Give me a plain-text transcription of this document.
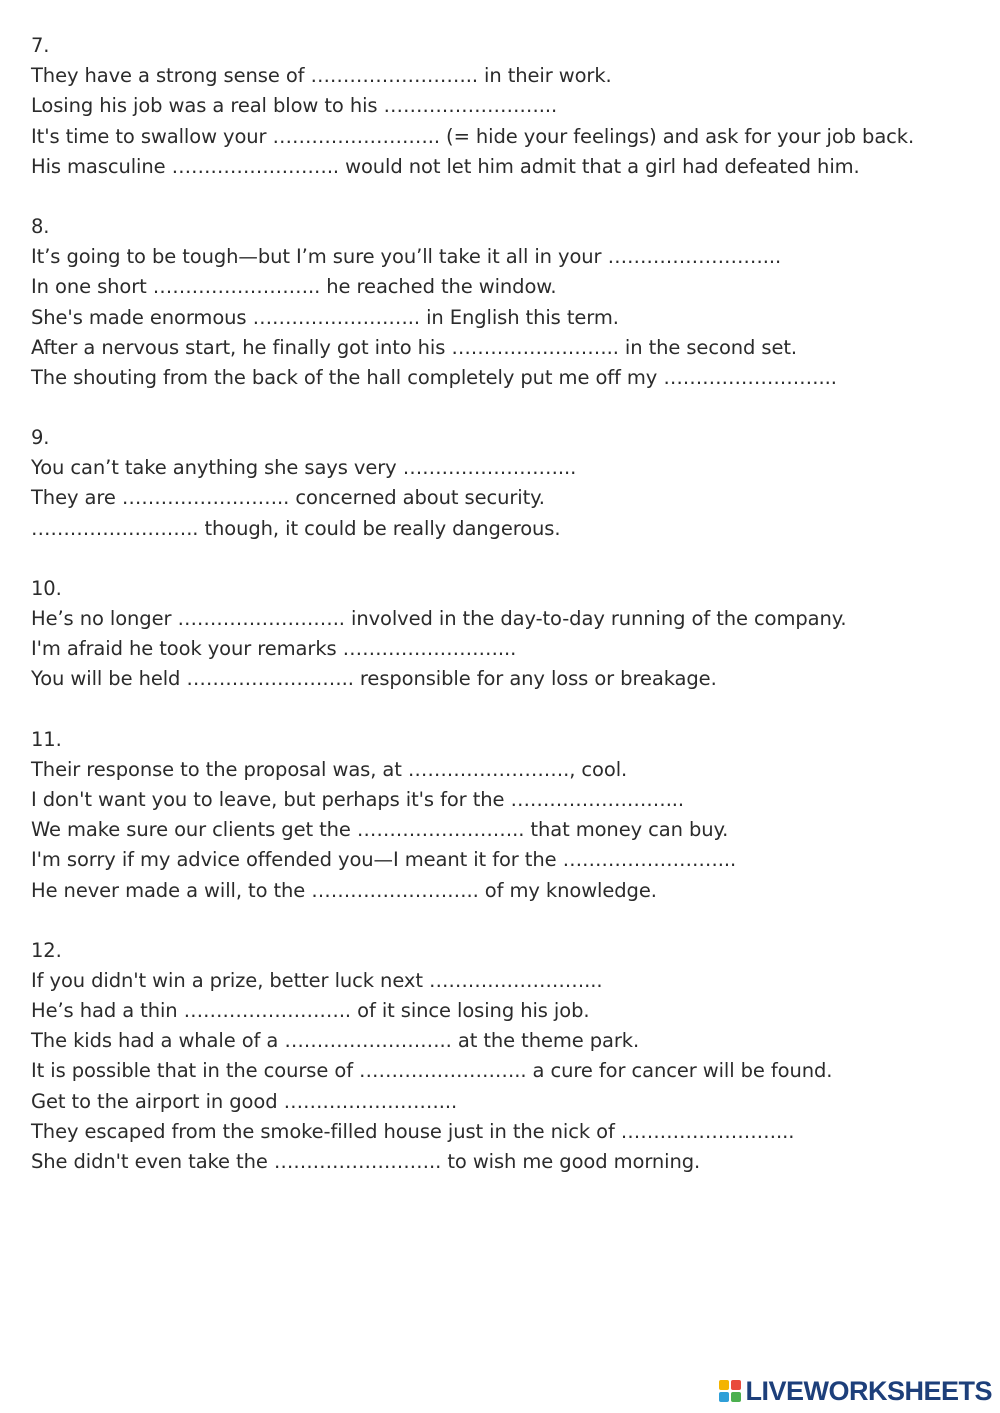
7.
They have a strong sense of …………………….. in their work.
Losing his job was a real blow to his ……………………...
It's time to swallow your …………………….. (= hide your feelings) and ask for your job back.
His masculine …………………….. would not let him admit that a girl had defeated him.
8.
It’s going to be tough—but I’m sure you’ll take it all in your ……………………...
In one short …………………….. he reached the window.
She's made enormous …………………….. in English this term.
After a nervous start, he finally got into his …………………….. in the second set.
The shouting from the back of the hall completely put me off my ……………………...
9.
You can’t take anything she says very ……………………...
They are …………………….. concerned about security.
…………………….. though, it could be really dangerous.
10.
He’s no longer …………………….. involved in the day-to-day running of the company.
I'm afraid he took your remarks ……………………...
You will be held …………………….. responsible for any loss or breakage.
11.
Their response to the proposal was, at ……………………., cool.
I don't want you to leave, but perhaps it's for the ……………………...
We make sure our clients get the …………………….. that money can buy.
I'm sorry if my advice offended you—I meant it for the ……………………...
He never made a will, to the …………………….. of my knowledge.
12.
If you didn't win a prize, better luck next ……………………...
He’s had a thin …………………….. of it since losing his job.
The kids had a whale of a …………………….. at the theme park.
It is possible that in the course of …………………….. a cure for cancer will be found.
Get to the airport in good ……………………...
They escaped from the smoke-filled house just in the nick of ……………………...
She didn't even take the …………………….. to wish me good morning.
LIVEWORKSHEETS
